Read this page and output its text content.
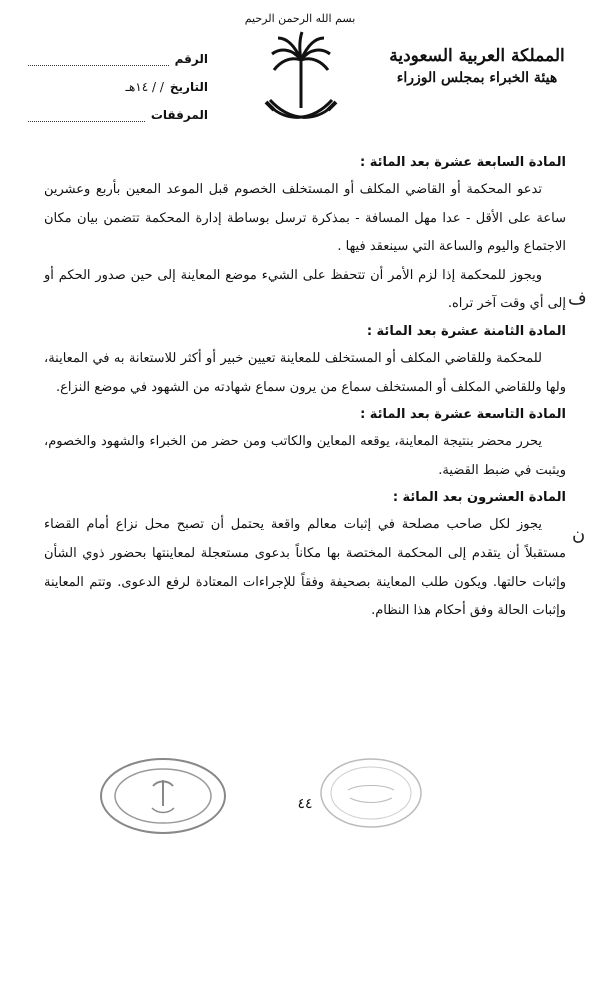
بسم الله الرحمن الرحيم
المملكة العربية السعودية
هيئة الخبراء بمجلس الوزراء
الرقم
التاريخ
/ / ١٤هـ
المرفقات
المادة السابعة عشرة بعد المائة :

تدعو المحكمة أو القاضي المكلف أو المستخلف الخصوم قبل الموعد المعين بأربع وعشرين ساعة على الأقل - عدا مهل المسافة - بمذكرة ترسل بوساطة إدارة المحكمة تتضمن بيان مكان الاجتماع واليوم والساعة التي سينعقد فيها .

ويجوز للمحكمة إذا لزم الأمر أن تتحفظ على الشيء موضع المعاينة إلى حين صدور الحكم أو إلى أي وقت آخر تراه.

المادة الثامنة عشرة بعد المائة :

للمحكمة وللقاضي المكلف أو المستخلف للمعاينة تعيين خبير أو أكثر للاستعانة به في المعاينة، ولها وللقاضي المكلف أو المستخلف سماع من يرون سماع شهادته من الشهود في موضع النزاع.

المادة التاسعة عشرة بعد المائة :

يحرر محضر بنتيجة المعاينة، يوقعه المعاين والكاتب ومن حضر من الخبراء والشهود والخصوم، ويثبت في ضبط القضية.

المادة العشرون بعد المائة :

يجوز لكل صاحب مصلحة في إثبات معالم واقعة يحتمل أن تصبح محل نزاع أمام القضاء مستقبلاً أن يتقدم إلى المحكمة المختصة بها مكاناً بدعوى مستعجلة لمعاينتها بحضور ذوي الشأن وإثبات حالتها. ويكون طلب المعاينة بصحيفة وفقاً للإجراءات المعتادة لرفع الدعوى. وتتم المعاينة وإثبات الحالة وفق أحكام هذا النظام.

ف
ن
٤٤
